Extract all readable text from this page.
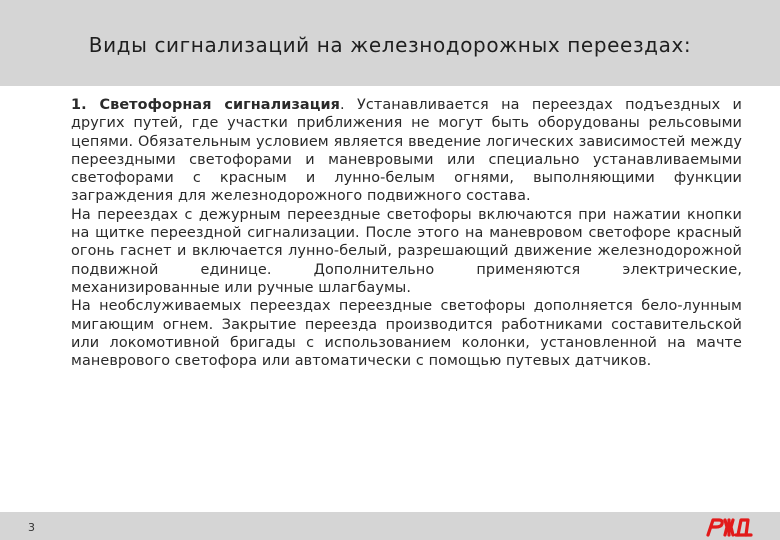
Виды сигнализаций на железнодорожных переездах:

1. Светофорная сигнализация. Устанавливается на переездах подъездных и других путей, где участки приближения не могут быть оборудованы рельсовыми цепями. Обязательным условием является введение логических зависимостей между переездными светофорами и маневровыми или специально устанавливаемыми светофорами с красным и лунно-белым огнями, выполняющими функции заграждения для железнодорожного подвижного состава.

На переездах с дежурным переездные светофоры включаются при нажатии кнопки на щитке переездной сигнализации. После этого на маневровом светофоре красный огонь гаснет и включается лунно-белый, разрешающий движение железнодорожной подвижной единице. Дополнительно применяются электрические, механизированные или ручные шлагбаумы.

На необслуживаемых переездах переездные светофоры дополняется бело-лунным мигающим огнем. Закрытие переезда производится работниками составительской или локомотивной бригады с использованием колонки, установленной на мачте маневрового светофора или автоматически с помощью путевых датчиков.

3
